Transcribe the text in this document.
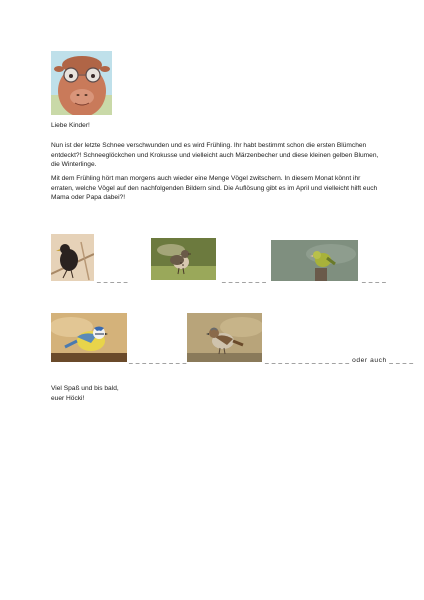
Liebe Kinder!
Nun ist der letzte Schnee verschwunden und es wird Frühling. Ihr habt bestimmt schon die ersten Blümchen entdeckt?! Schneeglöckchen und Krokusse und vielleicht auch Märzenbecher und diese kleinen gelben Blumen, die Winterlinge.
Mit dem Frühling hört man morgens auch wieder eine Menge Vögel zwitschern. In diesem Monat könnt ihr erraten, welche Vögel auf den nachfolgenden Bildern sind. Die Auflösung gibt es im April und vielleicht hilft euch Mama oder Papa dabei?!
_ _ _ _ _	_ _ _ _ _ _ _	_ _ _ _
_ _ _ _ _ _ _ _ _	_ _ _ _ _ _ _ _ _ _ _ _ _ oder auch _ _ _ _
Viel Spaß und bis bald,
euer Höcki!
